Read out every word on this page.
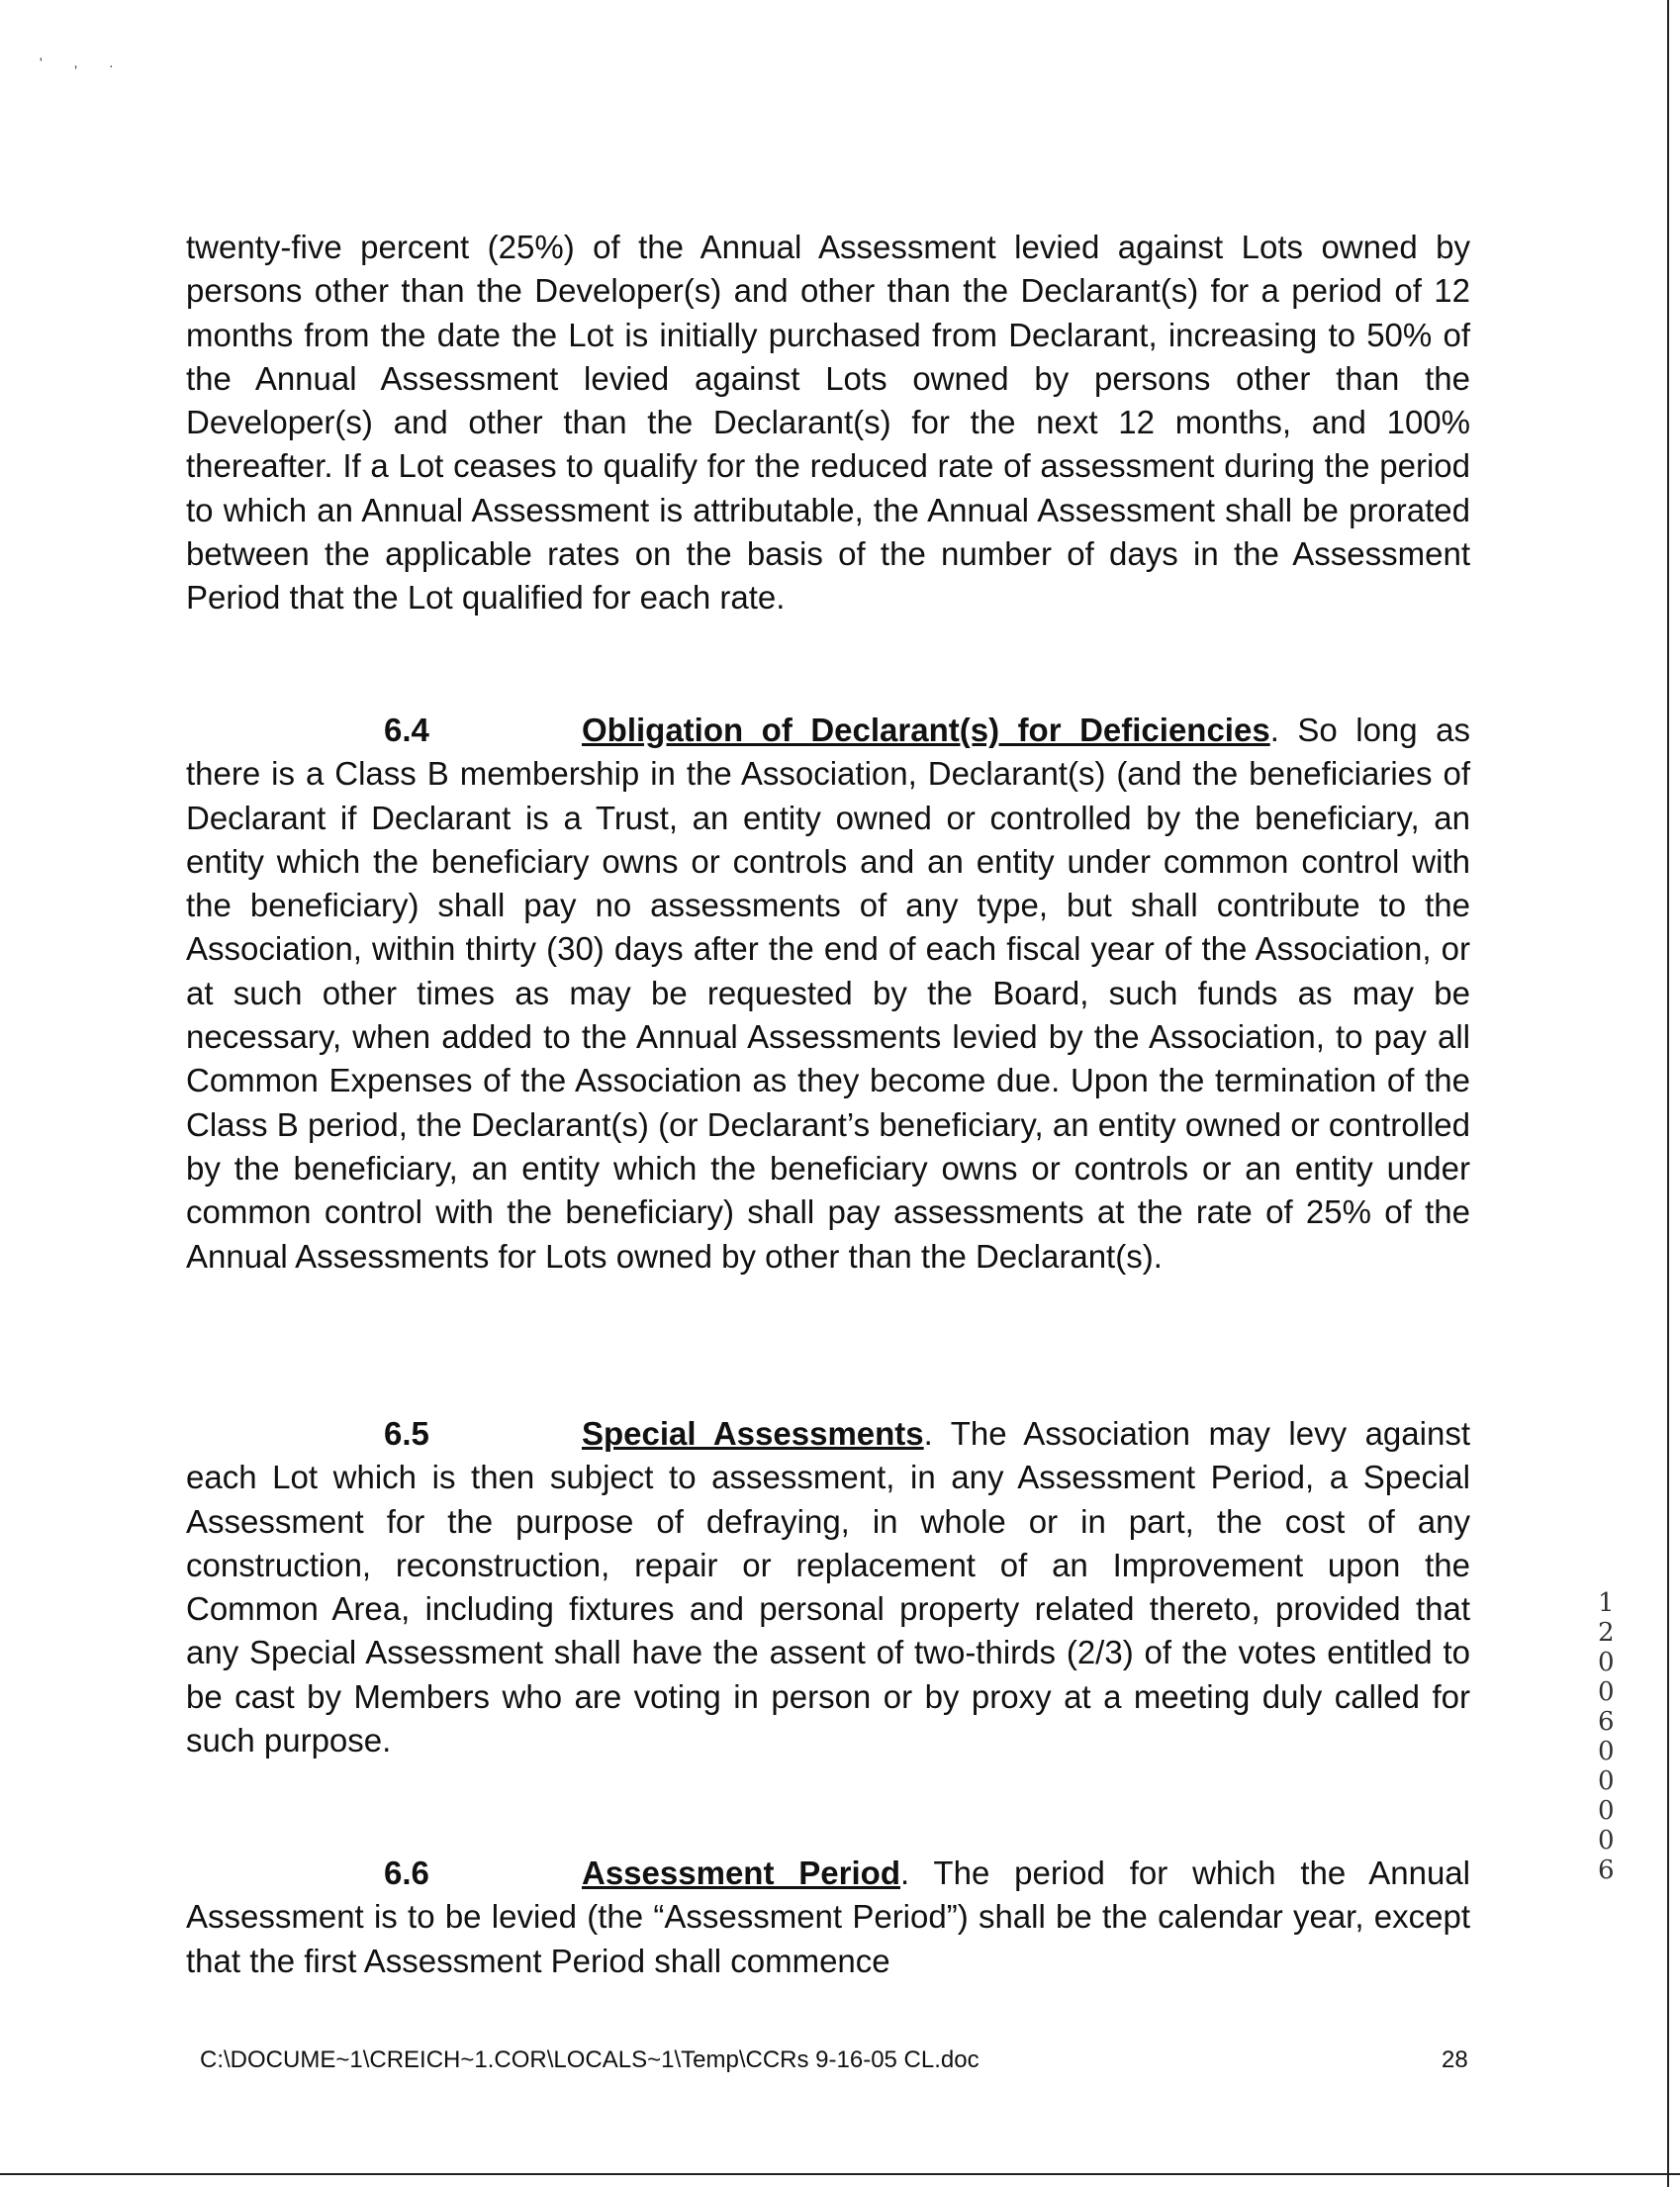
' , .

twenty-five percent (25%) of the Annual Assessment levied against Lots owned by persons other than the Developer(s) and other than the Declarant(s) for a period of 12 months from the date the Lot is initially purchased from Declarant, increasing to 50% of the Annual Assessment levied against Lots owned by persons other than the Developer(s) and other than the Declarant(s) for the next 12 months, and 100% thereafter. If a Lot ceases to qualify for the reduced rate of assessment during the period to which an Annual Assessment is attributable, the Annual Assessment shall be prorated between the applicable rates on the basis of the number of days in the Assessment Period that the Lot qualified for each rate.

6.4	Obligation of Declarant(s) for Deficiencies. So long as there is a Class B membership in the Association, Declarant(s) (and the beneficiaries of Declarant if Declarant is a Trust, an entity owned or controlled by the beneficiary, an entity which the beneficiary owns or controls and an entity under common control with the beneficiary) shall pay no assessments of any type, but shall contribute to the Association, within thirty (30) days after the end of each fiscal year of the Association, or at such other times as may be requested by the Board, such funds as may be necessary, when added to the Annual Assessments levied by the Association, to pay all Common Expenses of the Association as they become due. Upon the termination of the Class B period, the Declarant(s) (or Declarant’s beneficiary, an entity owned or controlled by the beneficiary, an entity which the beneficiary owns or controls or an entity under common control with the beneficiary) shall pay assessments at the rate of 25% of the Annual Assessments for Lots owned by other than the Declarant(s).

6.5	Special Assessments. The Association may levy against each Lot which is then subject to assessment, in any Assessment Period, a Special Assessment for the purpose of defraying, in whole or in part, the cost of any construction, reconstruction, repair or replacement of an Improvement upon the Common Area, including fixtures and personal property related thereto, provided that any Special Assessment shall have the assent of two-thirds (2/3) of the votes entitled to be cast by Members who are voting in person or by proxy at a meeting duly called for such purpose.

6.6	Assessment Period. The period for which the Annual Assessment is to be levied (the “Assessment Period”) shall be the calendar year, except that the first Assessment Period shall commence

1
2
0
0
6
0
0
0
0
6
C:\DOCUME~1\CREICH~1.COR\LOCALS~1\Temp\CCRs 9-16-05 CL.doc	28
